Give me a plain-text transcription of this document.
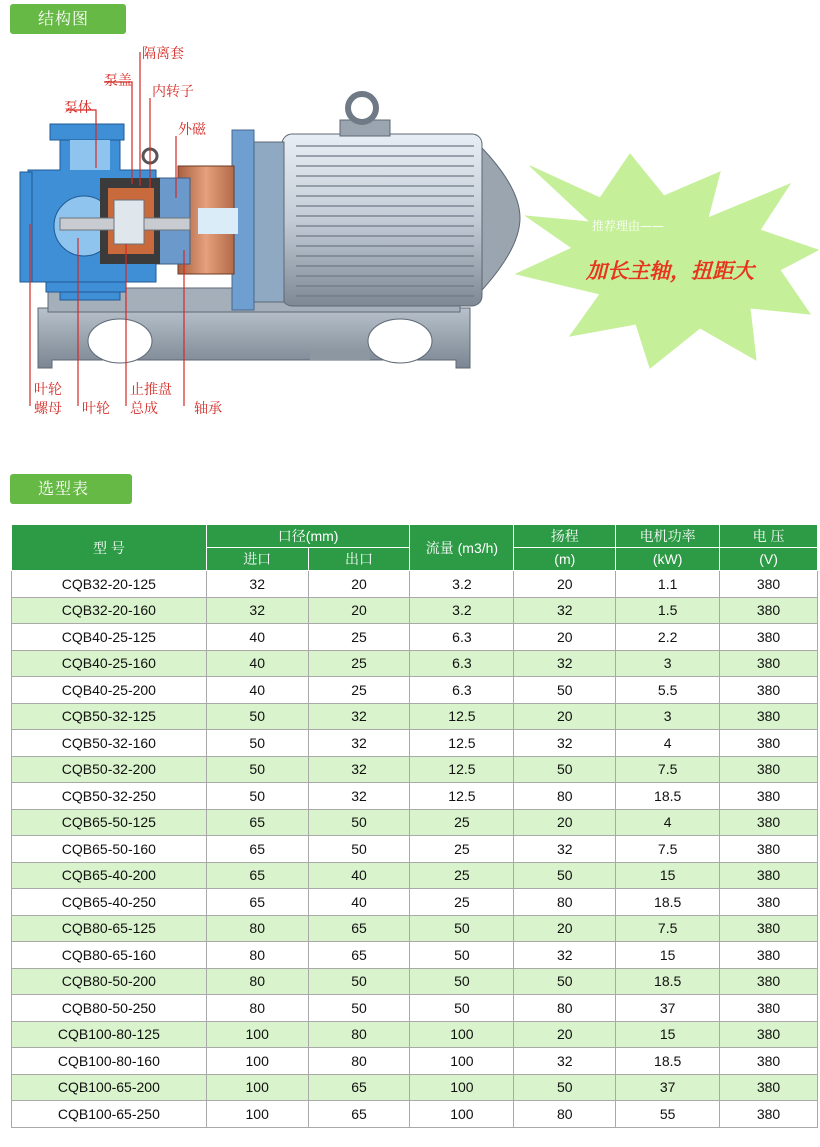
结构图
隔离套
泵盖
内转子
泵体
外磁
叶轮
螺母 叶轮
止推盘
总成	轴承
推荐理由——
加长主轴，扭距大
选型表
型 号	口径(mm)		流量 (m3/h)	扬程	电机功率	电 压
	进口	出口		(m)	(kW)	(V)
CQB32-20-125	32	20	3.2	20	1.1	380
CQB32-20-160	32	20	3.2	32	1.5	380
CQB40-25-125	40	25	6.3	20	2.2	380
CQB40-25-160	40	25	6.3	32	3	380
CQB40-25-200	40	25	6.3	50	5.5	380
CQB50-32-125	50	32	12.5	20	3	380
CQB50-32-160	50	32	12.5	32	4	380
CQB50-32-200	50	32	12.5	50	7.5	380
CQB50-32-250	50	32	12.5	80	18.5	380
CQB65-50-125	65	50	25	20	4	380
CQB65-50-160	65	50	25	32	7.5	380
CQB65-40-200	65	40	25	50	15	380
CQB65-40-250	65	40	25	80	18.5	380
CQB80-65-125	80	65	50	20	7.5	380
CQB80-65-160	80	65	50	32	15	380
CQB80-50-200	80	50	50	50	18.5	380
CQB80-50-250	80	50	50	80	37	380
CQB100-80-125	100	80	100	20	15	380
CQB100-80-160	100	80	100	32	18.5	380
CQB100-65-200	100	65	100	50	37	380
CQB100-65-250	100	65	100	80	55	380
